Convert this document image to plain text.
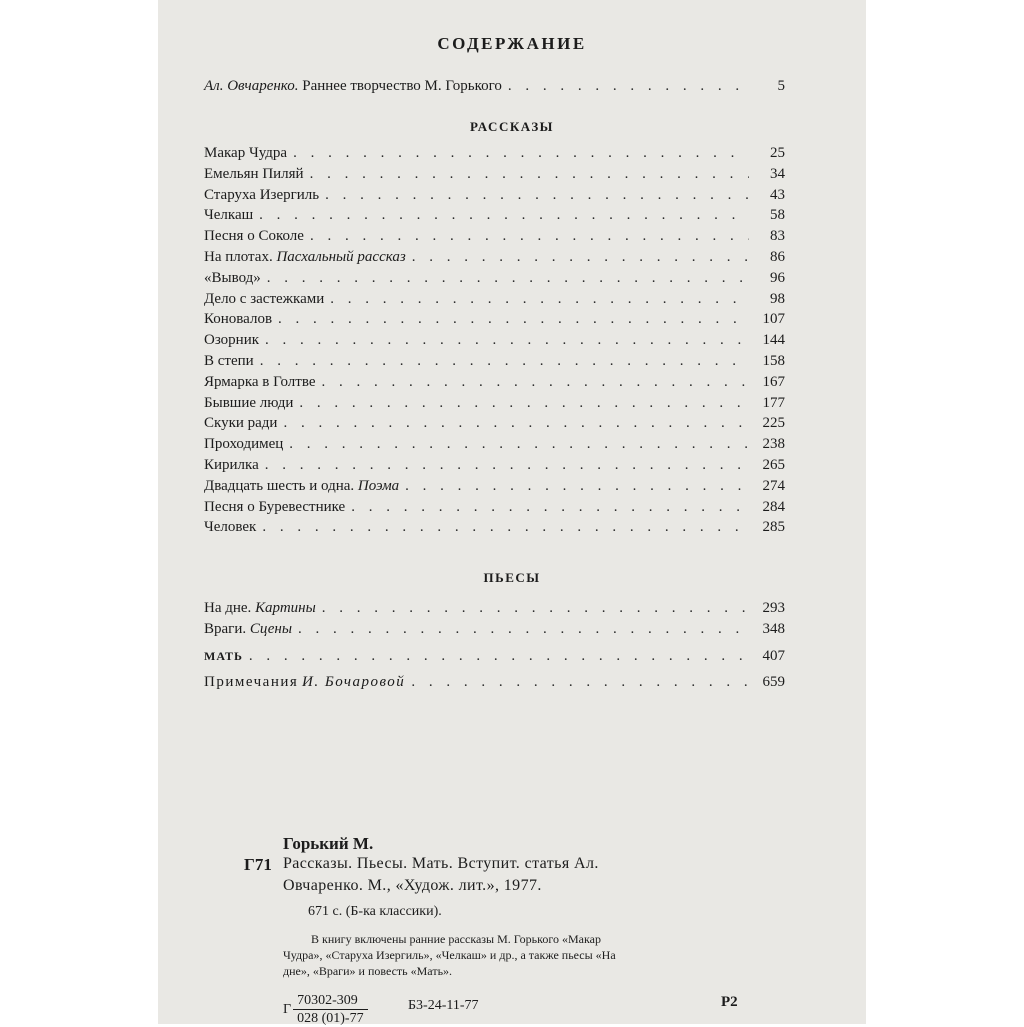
СОДЕРЖАНИЕ
Ал. Овчаренко. Раннее творчество М. Горького . . .	5
РАССКАЗЫ
Макар Чудра . . .	25
Емельян Пиляй . . .	34
Старуха Изергиль . . .	43
Челкаш . . .	58
Песня о Соколе . . .	83
На плотах. Пасхальный рассказ . . .	86
«Вывод» . . .	96
Дело с застежками . . .	98
Коновалов . . .	107
Озорник . . .	144
В степи . . .	158
Ярмарка в Голтве . . .	167
Бывшие люди . . .	177
Скуки ради . . .	225
Проходимец . . .	238
Кирилка . . .	265
Двадцать шесть и одна. Поэма . . .	274
Песня о Буревестнике . . .	284
Человек . . .	285
ПЬЕСЫ
На дне. Картины . . .	293
Враги. Сцены . . .	348
МАТЬ . . .	407
Примечания И. Бочаровой . . .	659
Горький М.
Г71 Рассказы. Пьесы. Мать. Вступит. статья Ал.
Овчаренко. М., «Худож. лит.», 1977.
671 с. (Б-ка классики).
В книгу включены ранние рассказы М. Горького «Макар
Чудра», «Старуха Изергиль», «Челкаш» и др., а также пьесы «На
дне», «Враги» и повесть «Мать».
Г $\frac{70302-309}{028 (01)-77}$	Б3-24-11-77	Р2
